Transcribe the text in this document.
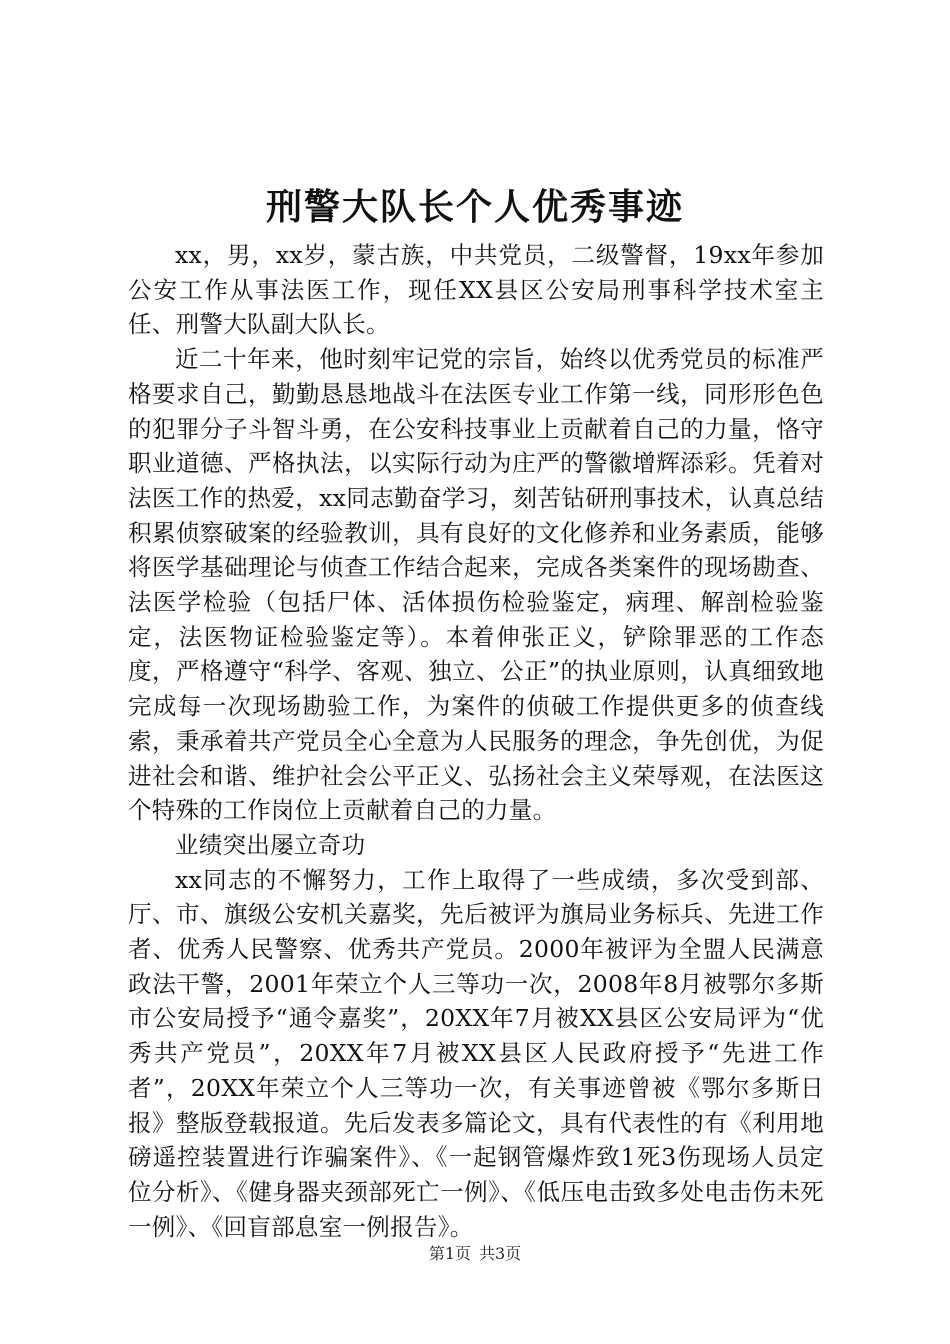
刑警大队长个人优秀事迹

xx，男，xx岁，蒙古族，中共党员，二级警督，19xx年参加公安工作从事法医工作，现任XX县区公安局刑事科学技术室主任、刑警大队副大队长。

近二十年来，他时刻牢记党的宗旨，始终以优秀党员的标准严格要求自己，勤勤恳恳地战斗在法医专业工作第一线，同形形色色的犯罪分子斗智斗勇，在公安科技事业上贡献着自己的力量，恪守职业道德、严格执法，以实际行动为庄严的警徽增辉添彩。凭着对法医工作的热爱，xx同志勤奋学习，刻苦钻研刑事技术，认真总结积累侦察破案的经验教训，具有良好的文化修养和业务素质，能够将医学基础理论与侦查工作结合起来，完成各类案件的现场勘查、法医学检验（包括尸体、活体损伤检验鉴定，病理、解剖检验鉴定，法医物证检验鉴定等）。本着伸张正义，铲除罪恶的工作态度，严格遵守“科学、客观、独立、公正”的执业原则，认真细致地完成每一次现场勘验工作，为案件的侦破工作提供更多的侦查线索，秉承着共产党员全心全意为人民服务的理念，争先创优，为促进社会和谐、维护社会公平正义、弘扬社会主义荣辱观，在法医这个特殊的工作岗位上贡献着自己的力量。

业绩突出屡立奇功

xx同志的不懈努力，工作上取得了一些成绩，多次受到部、厅、市、旗级公安机关嘉奖，先后被评为旗局业务标兵、先进工作者、优秀人民警察、优秀共产党员。2000年被评为全盟人民满意政法干警，2001年荣立个人三等功一次，2008年8月被鄂尔多斯市公安局授予“通令嘉奖”，20XX年7月被XX县区公安局评为“优秀共产党员”，20XX年7月被XX县区人民政府授予“先进工作者”，20XX年荣立个人三等功一次，有关事迹曾被《鄂尔多斯日报》整版登载报道。先后发表多篇论文，具有代表性的有《利用地磅遥控装置进行诈骗案件》、《一起钢管爆炸致1死3伤现场人员定位分析》、《健身器夹颈部死亡一例》、《低压电击致多处电击伤未死一例》、《回盲部息室一例报告》。

第1页 共3页
